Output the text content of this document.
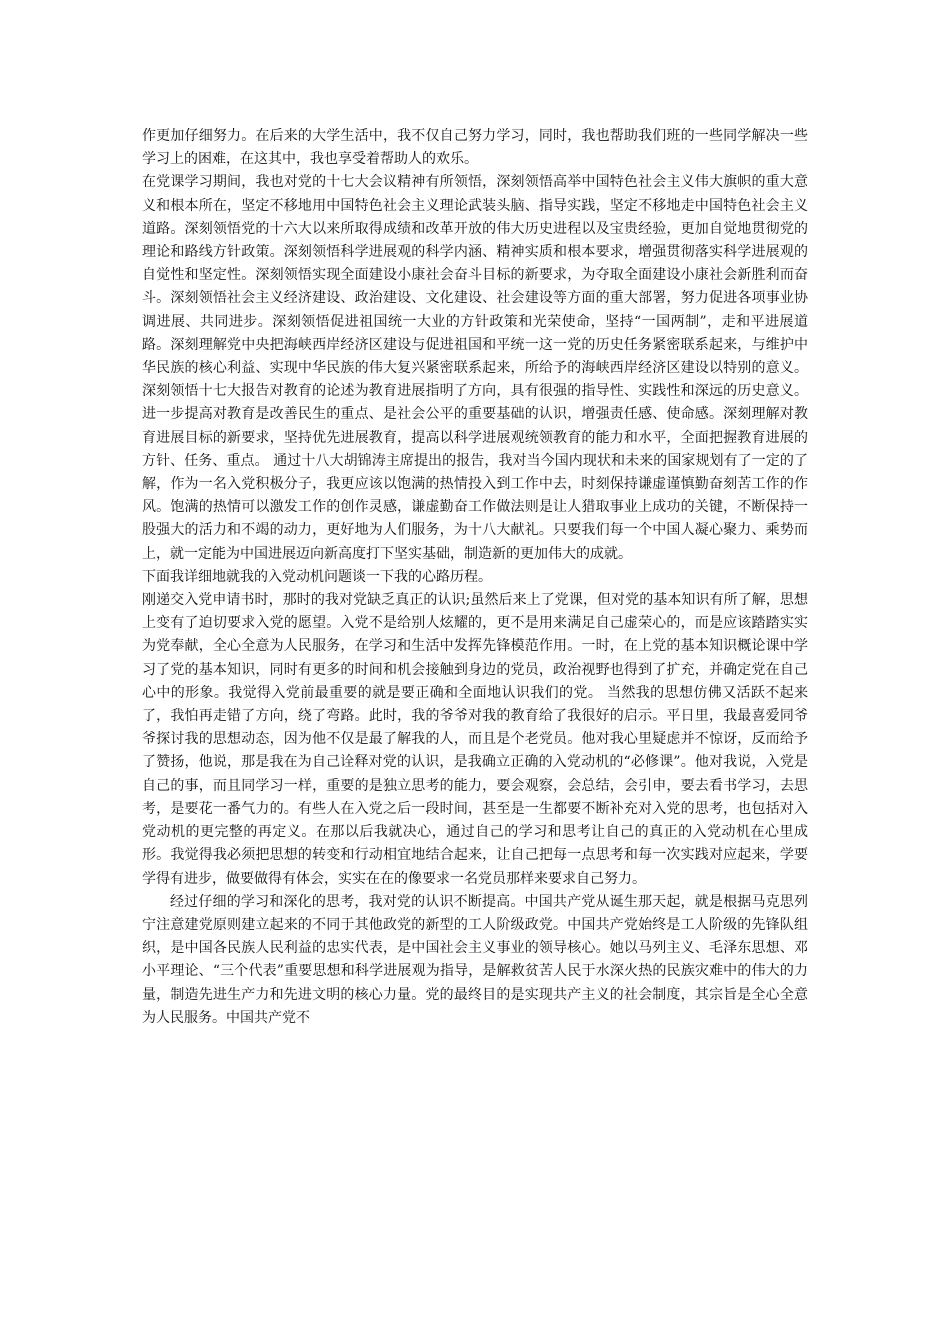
作更加仔细努力。在后来的大学生活中，我不仅自己努力学习，同时，我也帮助我们班的一些同学解决一些学习上的困难，在这其中，我也享受着帮助人的欢乐。

在党课学习期间，我也对党的十七大会议精神有所领悟，深刻领悟高举中国特色社会主义伟大旗帜的重大意义和根本所在，坚定不移地用中国特色社会主义理论武装头脑、指导实践，坚定不移地走中国特色社会主义道路。深刻领悟党的十六大以来所取得成绩和改革开放的伟大历史进程以及宝贵经验，更加自觉地贯彻党的理论和路线方针政策。深刻领悟科学进展观的科学内涵、精神实质和根本要求，增强贯彻落实科学进展观的自觉性和坚定性。深刻领悟实现全面建设小康社会奋斗目标的新要求，为夺取全面建设小康社会新胜利而奋斗。深刻领悟社会主义经济建设、政治建设、文化建设、社会建设等方面的重大部署，努力促进各项事业协调进展、共同进步。深刻领悟促进祖国统一大业的方针政策和光荣使命，坚持“一国两制”，走和平进展道路。深刻理解党中央把海峡西岸经济区建设与促进祖国和平统一这一党的历史任务紧密联系起来，与维护中华民族的核心利益、实现中华民族的伟大复兴紧密联系起来，所给予的海峡西岸经济区建设以特别的意义。深刻领悟十七大报告对教育的论述为教育进展指明了方向，具有很强的指导性、实践性和深远的历史意义。进一步提高对教育是改善民生的重点、是社会公平的重要基础的认识，增强责任感、使命感。深刻理解对教育进展目标的新要求，坚持优先进展教育，提高以科学进展观统领教育的能力和水平，全面把握教育进展的方针、任务、重点。 通过十八大胡锦涛主席提出的报告，我对当今国内现状和未来的国家规划有了一定的了解，作为一名入党积极分子，我更应该以饱满的热情投入到工作中去，时刻保持谦虚谨慎勤奋刻苦工作的作风。饱满的热情可以激发工作的创作灵感，谦虚勤奋工作做法则是让人猎取事业上成功的关键，不断保持一股强大的活力和不竭的动力，更好地为人们服务，为十八大献礼。只要我们每一个中国人凝心聚力、乘势而上，就一定能为中国进展迈向新高度打下坚实基础，制造新的更加伟大的成就。

下面我详细地就我的入党动机问题谈一下我的心路历程。

刚递交入党申请书时，那时的我对党缺乏真正的认识;虽然后来上了党课，但对党的基本知识有所了解，思想上变有了迫切要求入党的愿望。入党不是给别人炫耀的，更不是用来满足自己虚荣心的，而是应该踏踏实实为党奉献，全心全意为人民服务，在学习和生活中发挥先锋模范作用。一时，在上党的基本知识概论课中学习了党的基本知识，同时有更多的时间和机会接触到身边的党员，政治视野也得到了扩充，并确定党在自己心中的形象。我觉得入党前最重要的就是要正确和全面地认识我们的党。 当然我的思想仿佛又活跃不起来了，我怕再走错了方向，绕了弯路。此时，我的爷爷对我的教育给了我很好的启示。平日里，我最喜爱同爷爷探讨我的思想动态，因为他不仅是最了解我的人，而且是个老党员。他对我心里疑虑并不惊讶，反而给予了赞扬，他说，那是我在为自己诠释对党的认识，是我确立正确的入党动机的“必修课”。他对我说，入党是自己的事，而且同学习一样，重要的是独立思考的能力，要会观察，会总结，会引申，要去看书学习，去思考，是要花一番气力的。有些人在入党之后一段时间，甚至是一生都要不断补充对入党的思考，也包括对入党动机的更完整的再定义。在那以后我就决心，通过自己的学习和思考让自己的真正的入党动机在心里成形。我觉得我必须把思想的转变和行动相宜地结合起来，让自己把每一点思考和每一次实践对应起来，学要学得有进步，做要做得有体会，实实在在的像要求一名党员那样来要求自己努力。

经过仔细的学习和深化的思考，我对党的认识不断提高。中国共产党从诞生那天起，就是根据马克思列宁注意建党原则建立起来的不同于其他政党的新型的工人阶级政党。中国共产党始终是工人阶级的先锋队组织，是中国各民族人民利益的忠实代表，是中国社会主义事业的领导核心。她以马列主义、毛泽东思想、邓小平理论、“三个代表”重要思想和科学进展观为指导，是解救贫苦人民于水深火热的民族灾难中的伟大的力量，制造先进生产力和先进文明的核心力量。党的最终目的是实现共产主义的社会制度，其宗旨是全心全意为人民服务。中国共产党不
